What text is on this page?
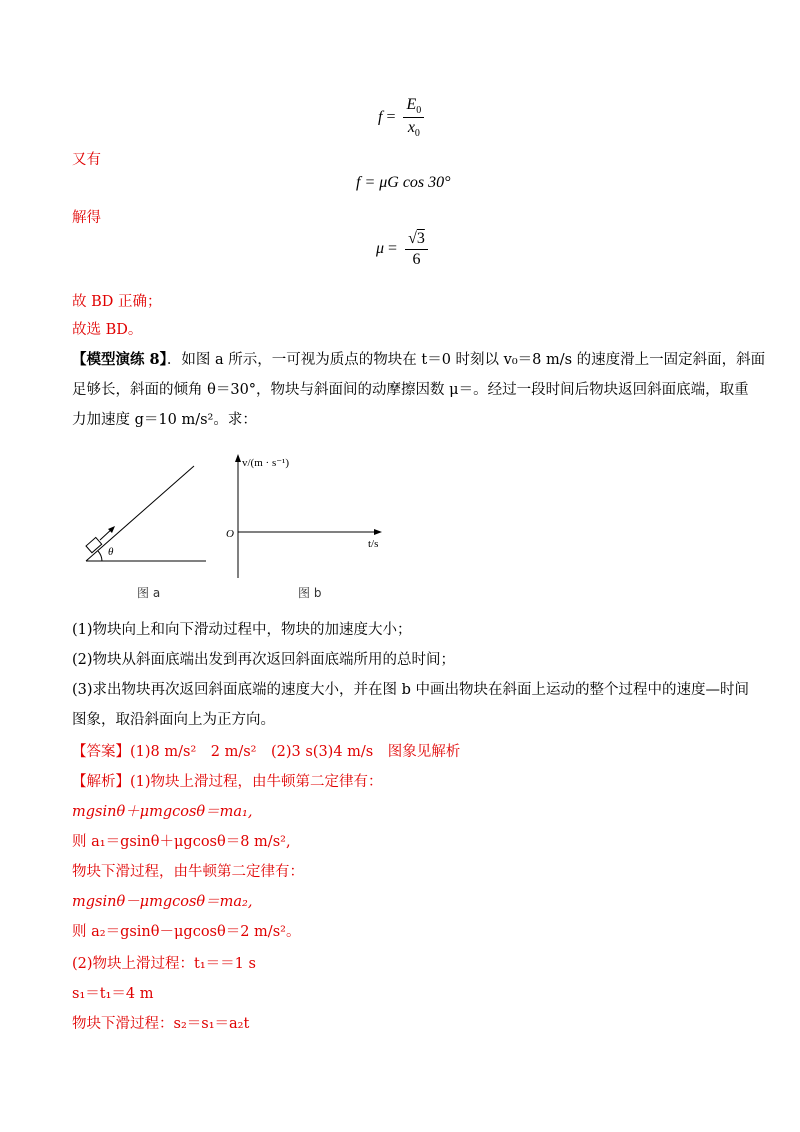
$f = \frac{E_0}{x_0}$
又有
f = μG cos 30°
解得
$\mu = \frac{√3}{6}$
故 BD 正确；
故选 BD。
【模型演练 8】．如图 a 所示，一可视为质点的物块在 t＝0 时刻以 v₀＝8 m/s 的速度滑上一固定斜面，斜面
足够长，斜面的倾角 θ＝30°，物块与斜面间的动摩擦因数 μ＝。经过一段时间后物块返回斜面底端，取重
力加速度 g＝10 m/s²。求：
θ
图 a
v/(m · s⁻¹)
O
t/s
图 b
(1)物块向上和向下滑动过程中，物块的加速度大小；
(2)物块从斜面底端出发到再次返回斜面底端所用的总时间；
(3)求出物块再次返回斜面底端的速度大小，并在图 b 中画出物块在斜面上运动的整个过程中的速度—时间
图象，取沿斜面向上为正方向。
【答案】(1)8 m/s²　2 m/s²　(2)3 s(3)4 m/s　图象见解析
【解析】(1)物块上滑过程，由牛顿第二定律有：
mgsinθ＋μmgcosθ＝ma₁,
则 a₁＝gsinθ＋μgcosθ＝8 m/s²,
物块下滑过程，由牛顿第二定律有：
mgsinθ－μmgcosθ＝ma₂,
则 a₂＝gsinθ－μgcosθ＝2 m/s²。
(2)物块上滑过程：t₁＝＝1 s
s₁＝t₁＝4 m
物块下滑过程：s₂＝s₁＝a₂t
